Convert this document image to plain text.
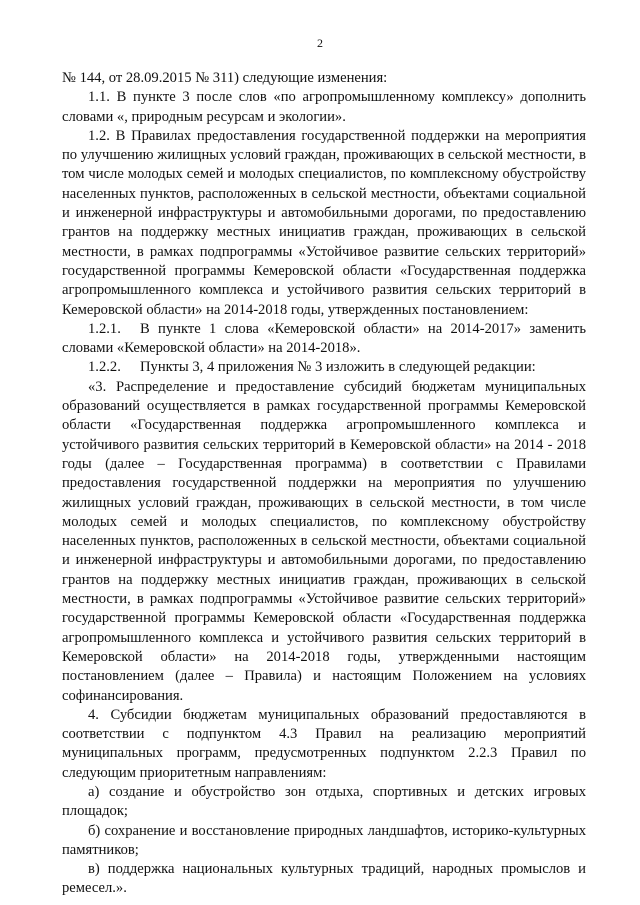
2

№ 144, от 28.09.2015 № 311) следующие изменения:

1.1. В пункте 3 после слов «по агропромышленному комплексу» дополнить словами «, природным ресурсам и экологии».

1.2. В Правилах предоставления государственной поддержки на мероприятия по улучшению жилищных условий граждан, проживающих в сельской местности, в том числе молодых семей и молодых специалистов, по комплексному обустройству населенных пунктов, расположенных в сельской местности, объектами социальной и инженерной инфраструктуры и автомобильными дорогами, по предоставлению грантов на поддержку местных инициатив граждан, проживающих в сельской местности, в рамках подпрограммы «Устойчивое развитие сельских территорий» государственной программы Кемеровской области «Государственная поддержка агропромышленного комплекса и устойчивого развития сельских территорий в Кемеровской области» на 2014-2018 годы, утвержденных постановлением:

1.2.1. В пункте 1 слова «Кемеровской области» на 2014-2017» заменить словами «Кемеровской области» на 2014-2018».

1.2.2. Пункты 3, 4 приложения № 3 изложить в следующей редакции:

«3. Распределение и предоставление субсидий бюджетам муниципальных образований осуществляется в рамках государственной программы Кемеровской области «Государственная поддержка агропромышленного комплекса и устойчивого развития сельских территорий в Кемеровской области» на 2014 - 2018 годы (далее – Государственная программа) в соответствии с Правилами предоставления государственной поддержки на мероприятия по улучшению жилищных условий граждан, проживающих в сельской местности, в том числе молодых семей и молодых специалистов, по комплексному обустройству населенных пунктов, расположенных в сельской местности, объектами социальной и инженерной инфраструктуры и автомобильными дорогами, по предоставлению грантов на поддержку местных инициатив граждан, проживающих в сельской местности, в рамках подпрограммы «Устойчивое развитие сельских территорий» государственной программы Кемеровской области «Государственная поддержка агропромышленного комплекса и устойчивого развития сельских территорий в Кемеровской области» на 2014-2018 годы, утвержденными настоящим постановлением (далее – Правила) и настоящим Положением на условиях софинансирования.

4. Субсидии бюджетам муниципальных образований предоставляются в соответствии с подпунктом 4.3 Правил на реализацию мероприятий муниципальных программ, предусмотренных подпунктом 2.2.3 Правил по следующим приоритетным направлениям:

а) создание и обустройство зон отдыха, спортивных и детских игровых площадок;

б) сохранение и восстановление природных ландшафтов, историко-культурных памятников;

в) поддержка национальных культурных традиций, народных промыслов и ремесел.».
